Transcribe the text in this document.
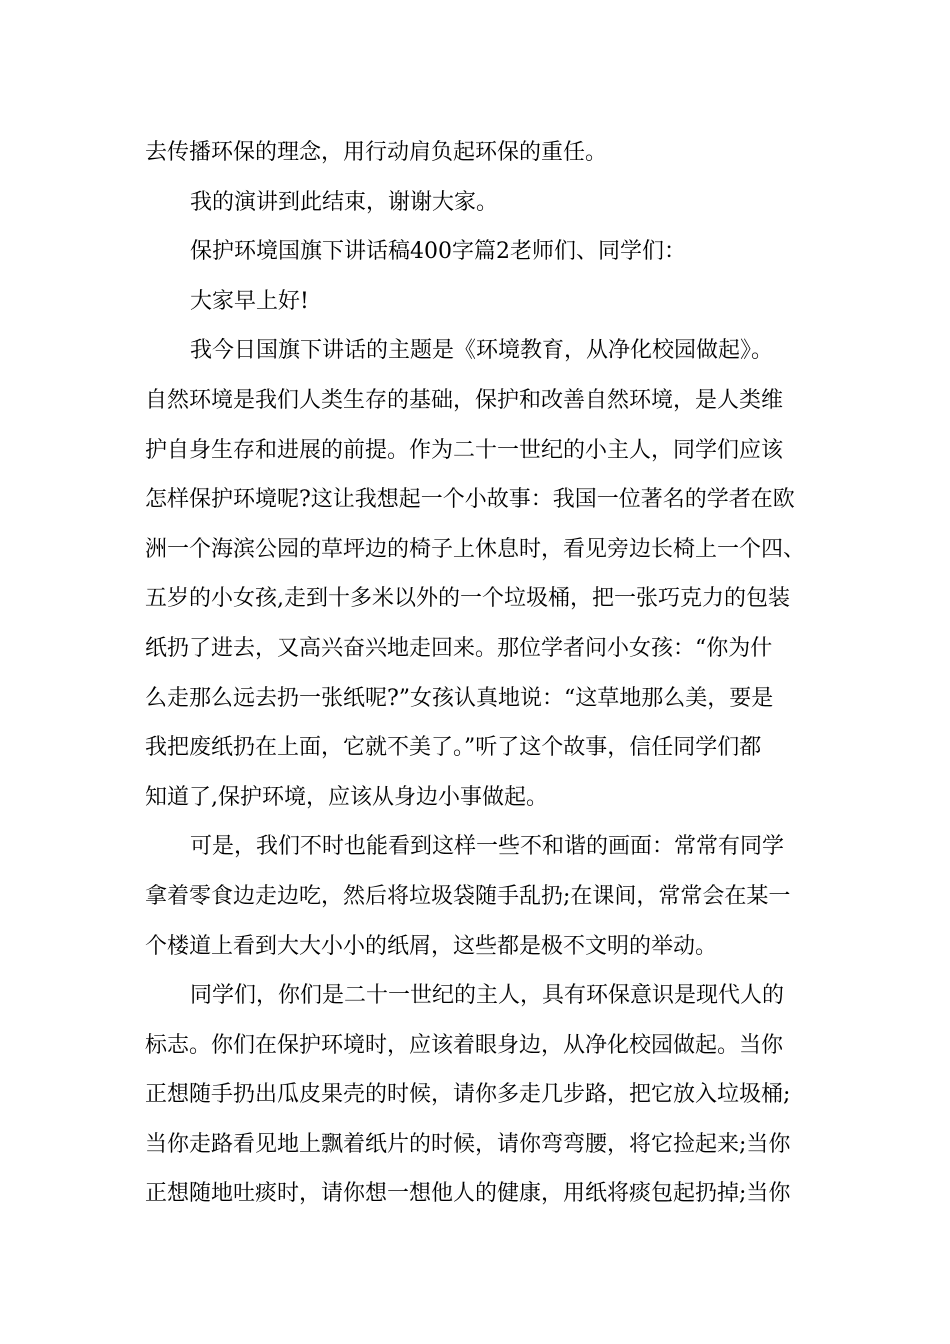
去传播环保的理念，用行动肩负起环保的重任。
我的演讲到此结束，谢谢大家。
保护环境国旗下讲话稿400字篇2老师们、同学们：
大家早上好!
我今日国旗下讲话的主题是《环境教育，从净化校园做起》。
自然环境是我们人类生存的基础，保护和改善自然环境，是人类维
护自身生存和进展的前提。作为二十一世纪的小主人，同学们应该
怎样保护环境呢?这让我想起一个小故事：我国一位著名的学者在欧
洲一个海滨公园的草坪边的椅子上休息时，看见旁边长椅上一个四、
五岁的小女孩,走到十多米以外的一个垃圾桶，把一张巧克力的包装
纸扔了进去，又高兴奋兴地走回来。那位学者问小女孩：“你为什
么走那么远去扔一张纸呢?”女孩认真地说：“这草地那么美，要是
我把废纸扔在上面，它就不美了。”听了这个故事，信任同学们都
知道了,保护环境，应该从身边小事做起。
可是，我们不时也能看到这样一些不和谐的画面：常常有同学
拿着零食边走边吃，然后将垃圾袋随手乱扔;在课间，常常会在某一
个楼道上看到大大小小的纸屑，这些都是极不文明的举动。
同学们，你们是二十一世纪的主人，具有环保意识是现代人的
标志。你们在保护环境时，应该着眼身边，从净化校园做起。当你
正想随手扔出瓜皮果壳的时候，请你多走几步路，把它放入垃圾桶;
当你走路看见地上飘着纸片的时候，请你弯弯腰，将它捡起来;当你
正想随地吐痰时，请你想一想他人的健康，用纸将痰包起扔掉;当你
